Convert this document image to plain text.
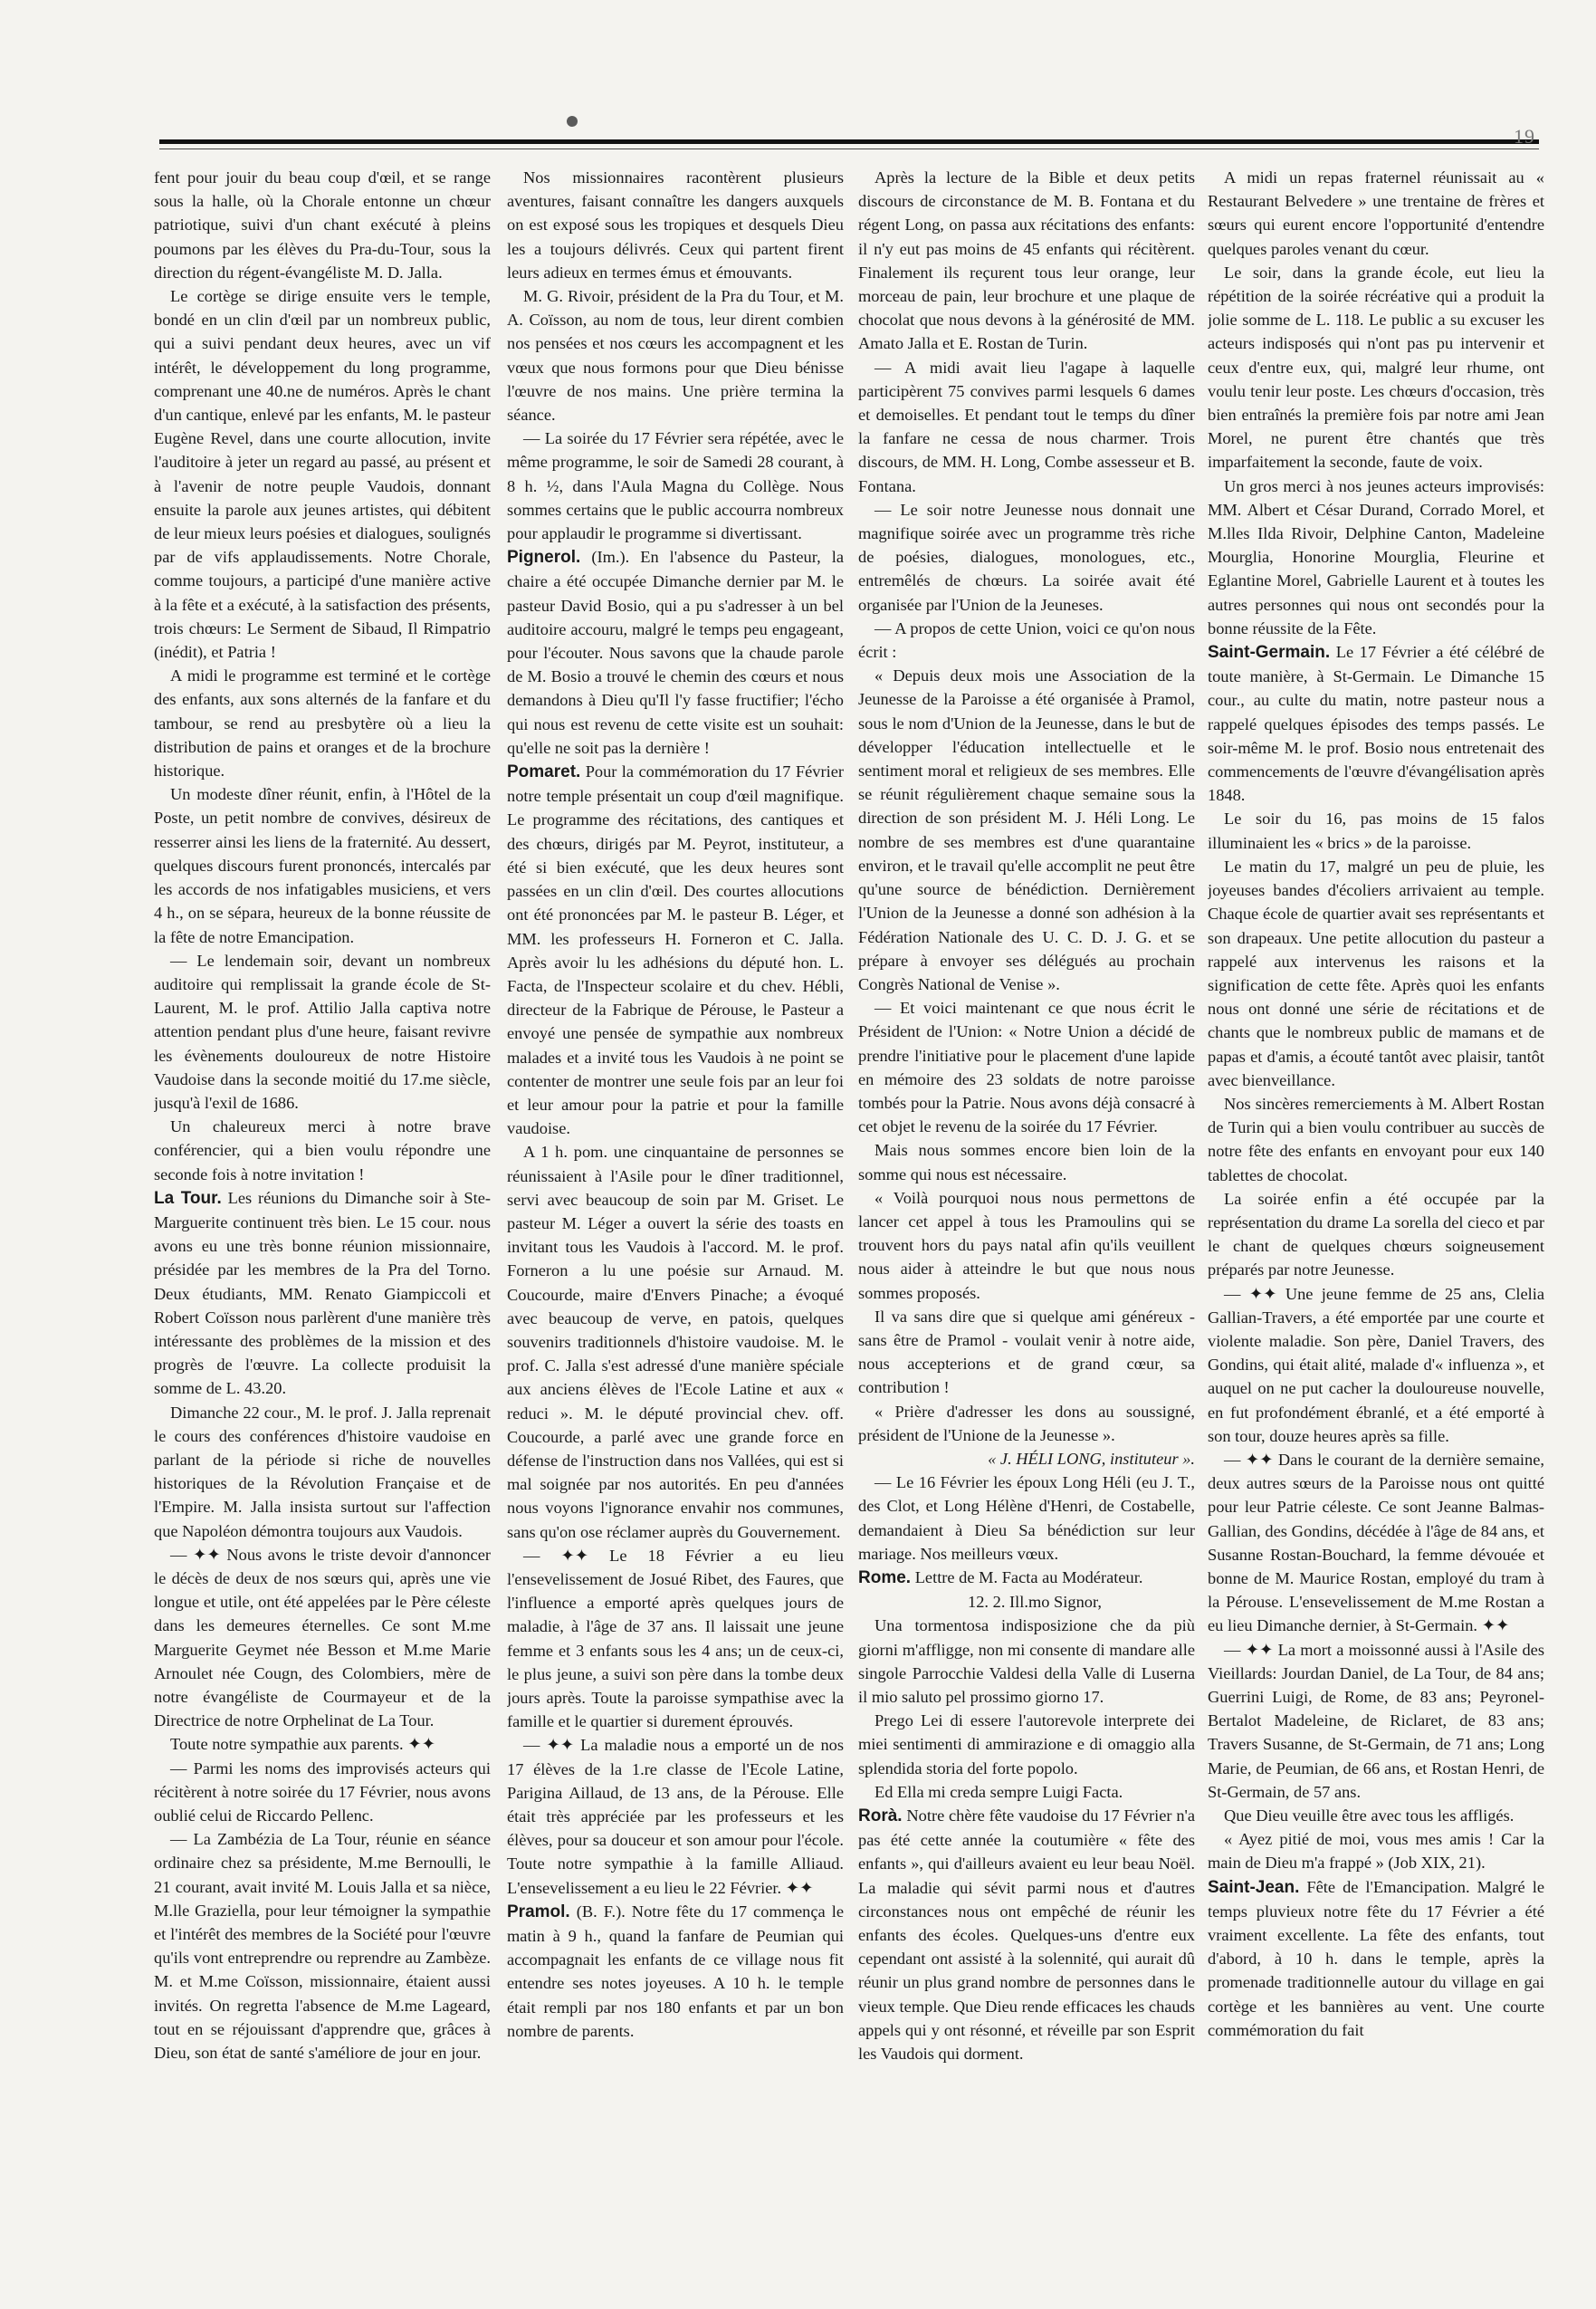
19

fent pour jouir du beau coup d'œil, et se range sous la halle, où la Chorale entonne un chœur patriotique, suivi d'un chant exécuté à pleins poumons par les élèves du Pra-du-Tour, sous la direction du régent-évangéliste M. D. Jalla.

Le cortège se dirige ensuite vers le temple, bondé en un clin d'œil par un nombreux public, qui a suivi pendant deux heures, avec un vif intérêt, le développement du long programme, comprenant une 40.ne de numéros. Après le chant d'un cantique, enlevé par les enfants, M. le pasteur Eugène Revel, dans une courte allocution, invite l'auditoire à jeter un regard au passé, au présent et à l'avenir de notre peuple Vaudois, donnant ensuite la parole aux jeunes artistes, qui débitent de leur mieux leurs poésies et dialogues, soulignés par de vifs applaudissements. Notre Chorale, comme toujours, a participé d'une manière active à la fête et a exécuté, à la satisfaction des présents, trois chœurs: Le Serment de Sibaud, Il Rimpatrio (inédit), et Patria !

A midi le programme est terminé et le cortège des enfants, aux sons alternés de la fanfare et du tambour, se rend au presbytère où a lieu la distribution de pains et oranges et de la brochure historique.

Un modeste dîner réunit, enfin, à l'Hôtel de la Poste, un petit nombre de convives, désireux de resserrer ainsi les liens de la fraternité. Au dessert, quelques discours furent prononcés, intercalés par les accords de nos infatigables musiciens, et vers 4 h., on se sépara, heureux de la bonne réussite de la fête de notre Emancipation.

— Le lendemain soir, devant un nombreux auditoire qui remplissait la grande école de St-Laurent, M. le prof. Attilio Jalla captiva notre attention pendant plus d'une heure, faisant revivre les évènements douloureux de notre Histoire Vaudoise dans la seconde moitié du 17.me siècle, jusqu'à l'exil de 1686.

Un chaleureux merci à notre brave conférencier, qui a bien voulu répondre une seconde fois à notre invitation !

La Tour. Les réunions du Dimanche soir à Ste-Marguerite continuent très bien. Le 15 cour. nous avons eu une très bonne réunion missionnaire, présidée par les membres de la Pra del Torno. Deux étudiants, MM. Renato Giampiccoli et Robert Coïsson nous parlèrent d'une manière très intéressante des problèmes de la mission et des progrès de l'œuvre. La collecte produisit la somme de L. 43.20.

Dimanche 22 cour., M. le prof. J. Jalla reprenait le cours des conférences d'histoire vaudoise en parlant de la période si riche de nouvelles historiques de la Révolution Française et de l'Empire. M. Jalla insista surtout sur l'affection que Napoléon démontra toujours aux Vaudois.

— ✦✦ Nous avons le triste devoir d'annoncer le décès de deux de nos sœurs qui, après une vie longue et utile, ont été appelées par le Père céleste dans les demeures éternelles. Ce sont M.me Marguerite Geymet née Besson et M.me Marie Arnoulet née Cougn, des Colombiers, mère de notre évangéliste de Courmayeur et de la Directrice de notre Orphelinat de La Tour.

Toute notre sympathie aux parents. ✦✦

— Parmi les noms des improvisés acteurs qui récitèrent à notre soirée du 17 Février, nous avons oublié celui de Riccardo Pellenc.

— La Zambézia de La Tour, réunie en séance ordinaire chez sa présidente, M.me Bernoulli, le 21 courant, avait invité M. Louis Jalla et sa nièce, M.lle Graziella, pour leur témoigner la sympathie et l'intérêt des membres de la Société pour l'œuvre qu'ils vont entreprendre ou reprendre au Zambèze. M. et M.me Coïsson, missionnaire, étaient aussi invités. On regretta l'absence de M.me Lageard, tout en se réjouissant d'apprendre que, grâces à Dieu, son état de santé s'améliore de jour en jour.

Nos missionnaires racontèrent plusieurs aventures, faisant connaître les dangers auxquels on est exposé sous les tropiques et desquels Dieu les a toujours délivrés. Ceux qui partent firent leurs adieux en termes émus et émouvants.

M. G. Rivoir, président de la Pra du Tour, et M. A. Coïsson, au nom de tous, leur dirent combien nos pensées et nos cœurs les accompagnent et les vœux que nous formons pour que Dieu bénisse l'œuvre de nos mains. Une prière termina la séance.

— La soirée du 17 Février sera répétée, avec le même programme, le soir de Samedi 28 courant, à 8 h. ½, dans l'Aula Magna du Collège. Nous sommes certains que le public accourra nombreux pour applaudir le programme si divertissant.

Pignerol. (Im.). En l'absence du Pasteur, la chaire a été occupée Dimanche dernier par M. le pasteur David Bosio, qui a pu s'adresser à un bel auditoire accouru, malgré le temps peu engageant, pour l'écouter. Nous savons que la chaude parole de M. Bosio a trouvé le chemin des cœurs et nous demandons à Dieu qu'Il l'y fasse fructifier; l'écho qui nous est revenu de cette visite est un souhait: qu'elle ne soit pas la dernière !

Pomaret. Pour la commémoration du 17 Février notre temple présentait un coup d'œil magnifique. Le programme des récitations, des cantiques et des chœurs, dirigés par M. Peyrot, instituteur, a été si bien exécuté, que les deux heures sont passées en un clin d'œil. Des courtes allocutions ont été prononcées par M. le pasteur B. Léger, et MM. les professeurs H. Forneron et C. Jalla. Après avoir lu les adhésions du député hon. L. Facta, de l'Inspecteur scolaire et du chev. Hébli, directeur de la Fabrique de Pérouse, le Pasteur a envoyé une pensée de sympathie aux nombreux malades et a invité tous les Vaudois à ne point se contenter de montrer une seule fois par an leur foi et leur amour pour la patrie et pour la famille vaudoise.

A 1 h. pom. une cinquantaine de personnes se réunissaient à l'Asile pour le dîner traditionnel, servi avec beaucoup de soin par M. Griset. Le pasteur M. Léger a ouvert la série des toasts en invitant tous les Vaudois à l'accord. M. le prof. Forneron a lu une poésie sur Arnaud. M. Coucourde, maire d'Envers Pinache; a évoqué avec beaucoup de verve, en patois, quelques souvenirs traditionnels d'histoire vaudoise. M. le prof. C. Jalla s'est adressé d'une manière spéciale aux anciens élèves de l'Ecole Latine et aux « reduci ». M. le député provincial chev. off. Coucourde, a parlé avec une grande force en défense de l'instruction dans nos Vallées, qui est si mal soignée par nos autorités. En peu d'années nous voyons l'ignorance envahir nos communes, sans qu'on ose réclamer auprès du Gouvernement.

— ✦✦ Le 18 Février a eu lieu l'ensevelissement de Josué Ribet, des Faures, que l'influence a emporté après quelques jours de maladie, à l'âge de 37 ans. Il laissait une jeune femme et 3 enfants sous les 4 ans; un de ceux-ci, le plus jeune, a suivi son père dans la tombe deux jours après. Toute la paroisse sympathise avec la famille et le quartier si durement éprouvés.

— ✦✦ La maladie nous a emporté un de nos 17 élèves de la 1.re classe de l'Ecole Latine, Parigina Aillaud, de 13 ans, de la Pérouse. Elle était très appréciée par les professeurs et les élèves, pour sa douceur et son amour pour l'école. Toute notre sympathie à la famille Alliaud. L'ensevelissement a eu lieu le 22 Février. ✦✦

Pramol. (B. F.). Notre fête du 17 commença le matin à 9 h., quand la fanfare de Peumian qui accompagnait les enfants de ce village nous fit entendre ses notes joyeuses. A 10 h. le temple était rempli par nos 180 enfants et par un bon nombre de parents.

Après la lecture de la Bible et deux petits discours de circonstance de M. B. Fontana et du régent Long, on passa aux récitations des enfants: il n'y eut pas moins de 45 enfants qui récitèrent. Finalement ils reçurent tous leur orange, leur morceau de pain, leur brochure et une plaque de chocolat que nous devons à la générosité de MM. Amato Jalla et E. Rostan de Turin.

— A midi avait lieu l'agape à laquelle participèrent 75 convives parmi lesquels 6 dames et demoiselles. Et pendant tout le temps du dîner la fanfare ne cessa de nous charmer. Trois discours, de MM. H. Long, Combe assesseur et B. Fontana.

— Le soir notre Jeunesse nous donnait une magnifique soirée avec un programme très riche de poésies, dialogues, monologues, etc., entremêlés de chœurs. La soirée avait été organisée par l'Union de la Jeuneses.

— A propos de cette Union, voici ce qu'on nous écrit :

« Depuis deux mois une Association de la Jeunesse de la Paroisse a été organisée à Pramol, sous le nom d'Union de la Jeunesse, dans le but de développer l'éducation intellectuelle et le sentiment moral et religieux de ses membres. Elle se réunit régulièrement chaque semaine sous la direction de son président M. J. Héli Long. Le nombre de ses membres est d'une quarantaine environ, et le travail qu'elle accomplit ne peut être qu'une source de bénédiction. Dernièrement l'Union de la Jeunesse a donné son adhésion à la Fédération Nationale des U. C. D. J. G. et se prépare à envoyer ses délégués au prochain Congrès National de Venise ».

— Et voici maintenant ce que nous écrit le Président de l'Union: « Notre Union a décidé de prendre l'initiative pour le placement d'une lapide en mémoire des 23 soldats de notre paroisse tombés pour la Patrie. Nous avons déjà consacré à cet objet le revenu de la soirée du 17 Février.

Mais nous sommes encore bien loin de la somme qui nous est nécessaire.

« Voilà pourquoi nous nous permettons de lancer cet appel à tous les Pramoulins qui se trouvent hors du pays natal afin qu'ils veuillent nous aider à atteindre le but que nous nous sommes proposés.

Il va sans dire que si quelque ami généreux - sans être de Pramol - voulait venir à notre aide, nous accepterions et de grand cœur, sa contribution !

« Prière d'adresser les dons au soussigné, président de l'Unione de la Jeunesse ».

« J. HÉLI LONG, instituteur ».

— Le 16 Février les époux Long Héli (eu J. T., des Clot, et Long Hélène d'Henri, de Costabelle, demandaient à Dieu Sa bénédiction sur leur mariage. Nos meilleurs vœux.

Rome. Lettre de M. Facta au Modérateur.

12. 2. Ill.mo Signor,

Una tormentosa indisposizione che da più giorni m'affligge, non mi consente di mandare alle singole Parrocchie Valdesi della Valle di Luserna il mio saluto pel prossimo giorno 17.

Prego Lei di essere l'autorevole interprete dei miei sentimenti di ammirazione e di omaggio alla splendida storia del forte popolo.

Ed Ella mi creda sempre Luigi Facta.

Rorà. Notre chère fête vaudoise du 17 Février n'a pas été cette année la coutumière « fête des enfants », qui d'ailleurs avaient eu leur beau Noël. La maladie qui sévit parmi nous et d'autres circonstances nous ont empêché de réunir les enfants des écoles. Quelques-uns d'entre eux cependant ont assisté à la solennité, qui aurait dû réunir un plus grand nombre de personnes dans le vieux temple. Que Dieu rende efficaces les chauds appels qui y ont résonné, et réveille par son Esprit les Vaudois qui dorment.

A midi un repas fraternel réunissait au « Restaurant Belvedere » une trentaine de frères et sœurs qui eurent encore l'opportunité d'entendre quelques paroles venant du cœur.

Le soir, dans la grande école, eut lieu la répétition de la soirée récréative qui a produit la jolie somme de L. 118. Le public a su excuser les acteurs indisposés qui n'ont pas pu intervenir et ceux d'entre eux, qui, malgré leur rhume, ont voulu tenir leur poste. Les chœurs d'occasion, très bien entraînés la première fois par notre ami Jean Morel, ne purent être chantés que très imparfaitement la seconde, faute de voix.

Un gros merci à nos jeunes acteurs improvisés: MM. Albert et César Durand, Corrado Morel, et M.lles Ilda Rivoir, Delphine Canton, Madeleine Mourglia, Honorine Mourglia, Fleurine et Eglantine Morel, Gabrielle Laurent et à toutes les autres personnes qui nous ont secondés pour la bonne réussite de la Fête.

Saint-Germain. Le 17 Février a été célébré de toute manière, à St-Germain. Le Dimanche 15 cour., au culte du matin, notre pasteur nous a rappelé quelques épisodes des temps passés. Le soir-même M. le prof. Bosio nous entretenait des commencements de l'œuvre d'évangélisation après 1848.

Le soir du 16, pas moins de 15 falos illuminaient les « brics » de la paroisse.

Le matin du 17, malgré un peu de pluie, les joyeuses bandes d'écoliers arrivaient au temple. Chaque école de quartier avait ses représentants et son drapeaux. Une petite allocution du pasteur a rappelé aux intervenus les raisons et la signification de cette fête. Après quoi les enfants nous ont donné une série de récitations et de chants que le nombreux public de mamans et de papas et d'amis, a écouté tantôt avec plaisir, tantôt avec bienveillance.

Nos sincères remerciements à M. Albert Rostan de Turin qui a bien voulu contribuer au succès de notre fête des enfants en envoyant pour eux 140 tablettes de chocolat.

La soirée enfin a été occupée par la représentation du drame La sorella del cieco et par le chant de quelques chœurs soigneusement préparés par notre Jeunesse.

— ✦✦ Une jeune femme de 25 ans, Clelia Gallian-Travers, a été emportée par une courte et violente maladie. Son père, Daniel Travers, des Gondins, qui était alité, malade d'« influenza », et auquel on ne put cacher la douloureuse nouvelle, en fut profondément ébranlé, et a été emporté à son tour, douze heures après sa fille.

— ✦✦ Dans le courant de la dernière semaine, deux autres sœurs de la Paroisse nous ont quitté pour leur Patrie céleste. Ce sont Jeanne Balmas-Gallian, des Gondins, décédée à l'âge de 84 ans, et Susanne Rostan-Bouchard, la femme dévouée et bonne de M. Maurice Rostan, employé du tram à la Pérouse. L'ensevelissement de M.me Rostan a eu lieu Dimanche dernier, à St-Germain. ✦✦

— ✦✦ La mort a moissonné aussi à l'Asile des Vieillards: Jourdan Daniel, de La Tour, de 84 ans; Guerrini Luigi, de Rome, de 83 ans; Peyronel-Bertalot Madeleine, de Riclaret, de 83 ans; Travers Susanne, de St-Germain, de 71 ans; Long Marie, de Peumian, de 66 ans, et Rostan Henri, de St-Germain, de 57 ans.

Que Dieu veuille être avec tous les affligés.

« Ayez pitié de moi, vous mes amis ! Car la main de Dieu m'a frappé » (Job XIX, 21).

Saint-Jean. Fête de l'Emancipation. Malgré le temps pluvieux notre fête du 17 Février a été vraiment excellente. La fête des enfants, tout d'abord, à 10 h. dans le temple, après la promenade traditionnelle autour du village en gai cortège et les bannières au vent. Une courte commémoration du fait
